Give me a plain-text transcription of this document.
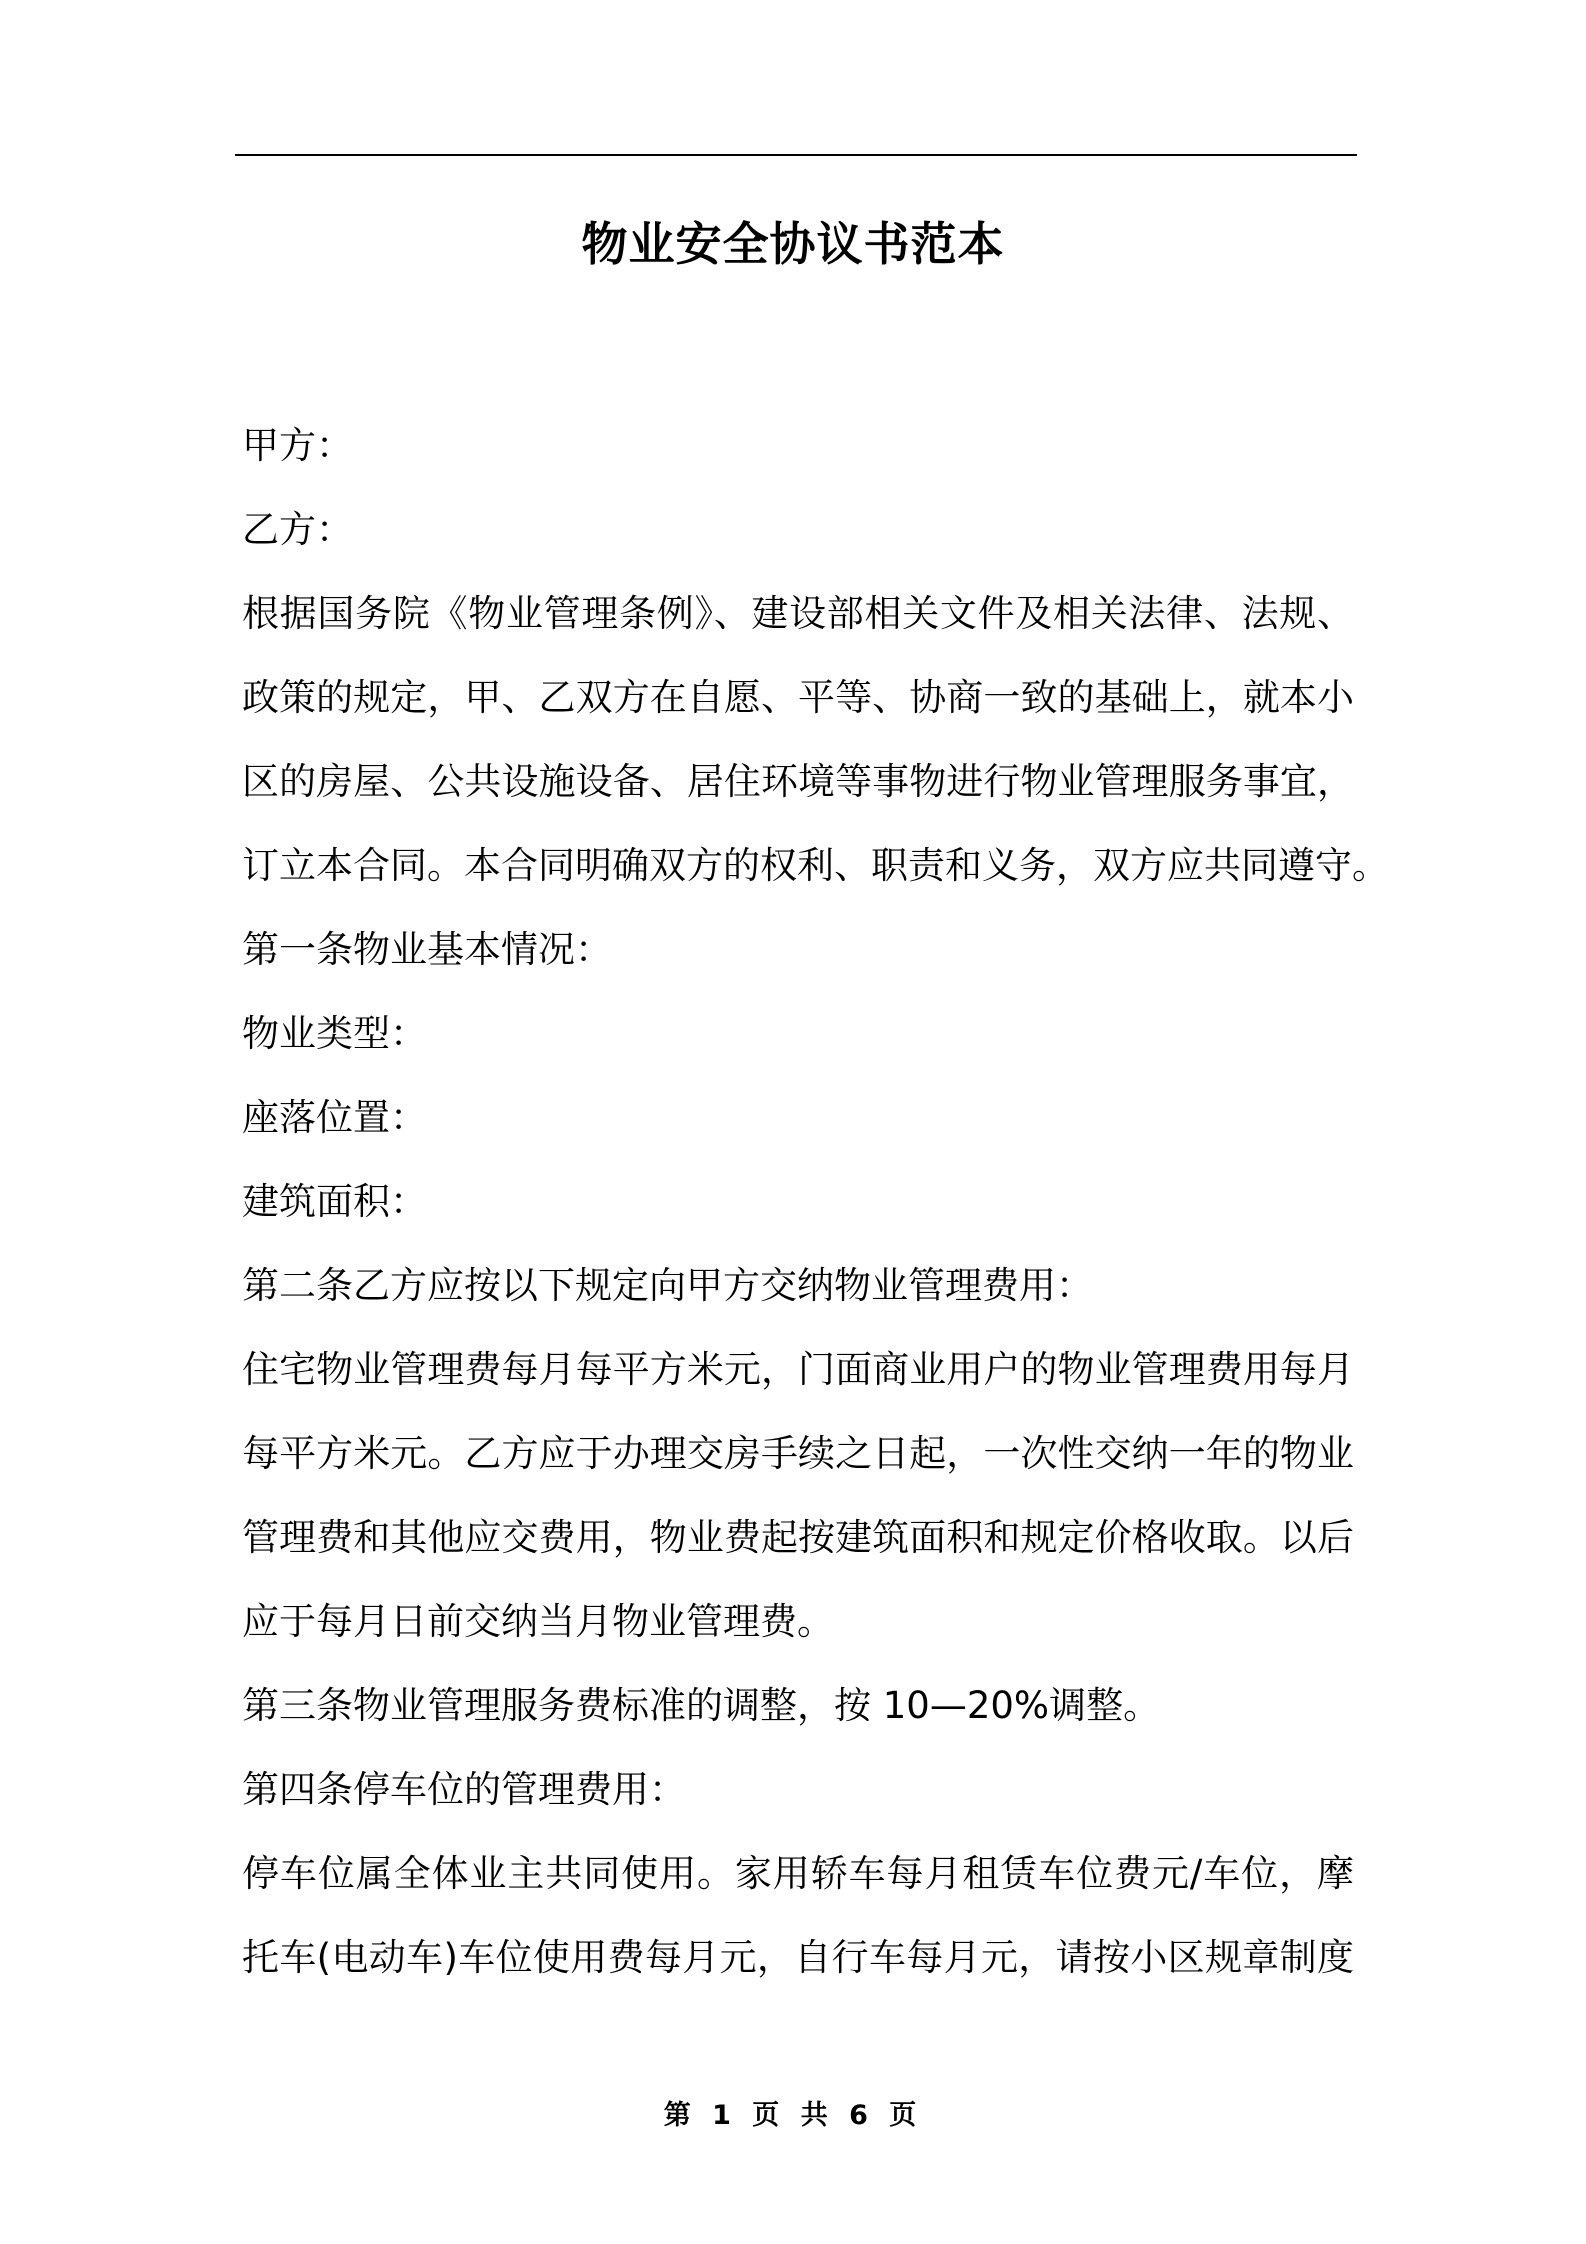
物业安全协议书范本
甲方：
乙方：
根据国务院《物业管理条例》、建设部相关文件及相关法律、法规、
政策的规定，甲、乙双方在自愿、平等、协商一致的基础上，就本小
区的房屋、公共设施设备、居住环境等事物进行物业管理服务事宜，
订立本合同。本合同明确双方的权利、职责和义务，双方应共同遵守。
第一条物业基本情况：
物业类型：
座落位置：
建筑面积：
第二条乙方应按以下规定向甲方交纳物业管理费用：
住宅物业管理费每月每平方米元，门面商业用户的物业管理费用每月
每平方米元。乙方应于办理交房手续之日起，一次性交纳一年的物业
管理费和其他应交费用，物业费起按建筑面积和规定价格收取。以后
应于每月日前交纳当月物业管理费。
第三条物业管理服务费标准的调整，按 10—20%调整。
第四条停车位的管理费用：
停车位属全体业主共同使用。家用轿车每月租赁车位费元/车位，摩
托车(电动车)车位使用费每月元，自行车每月元，请按小区规章制度
第 1 页 共 6 页
